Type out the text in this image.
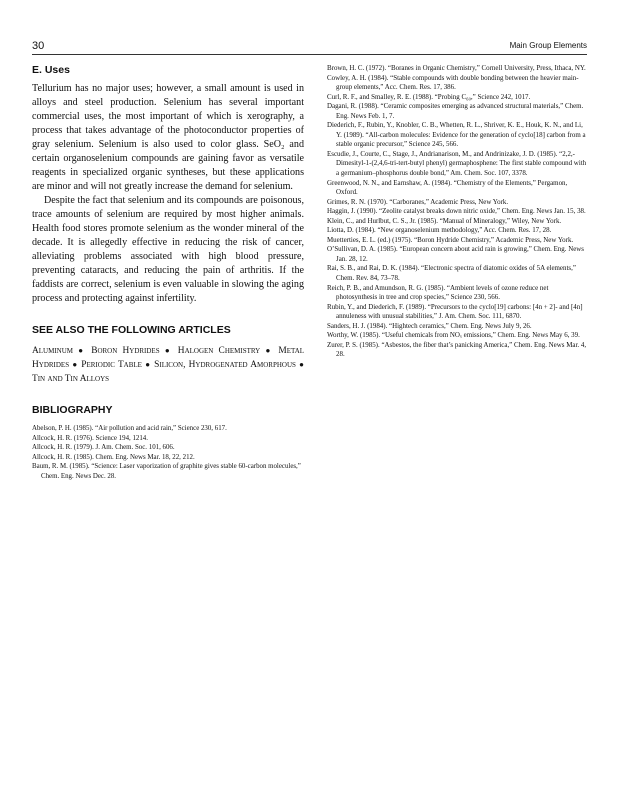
30	Main Group Elements
E. Uses

Tellurium has no major uses; however, a small amount is used in alloys and steel production. Selenium has several important commercial uses, the most important of which is xerography, a process that takes advantage of the photoconductor properties of gray selenium. Selenium is also used to color glass. SeO₂ and certain organoselenium compounds are gaining favor as versatile reagents in specialized organic syntheses, but these applications are minor and will not greatly increase the demand for selenium.

Despite the fact that selenium and its compounds are poisonous, trace amounts of selenium are required by most higher animals. Health food stores promote selenium as the wonder mineral of the decade. It is allegedly effective in reducing the risk of cancer, alleviating problems associated with high blood pressure, preventing cataracts, and reducing the pain of arthritis. If the faddists are correct, selenium is even valuable in slowing the aging process and protecting against infertility.

SEE ALSO THE FOLLOWING ARTICLES

Aluminum ● Boron Hydrides ● Halogen Chemistry ● Metal Hydrides ● Periodic Table ● Silicon, Hydrogenated Amorphous ● Tin and Tin Alloys

BIBLIOGRAPHY
Abelson, P. H. (1985). “Air pollution and acid rain,” Science 230, 617.
Allcock, H. R. (1976). Science 194, 1214.
Allcock, H. R. (1979). J. Am. Chem. Soc. 101, 606.
Allcock, H. R. (1985). Chem. Eng. News Mar. 18, 22, 212.
Baum, R. M. (1985). “Science: Laser vaporization of graphite gives stable 60-carbon molecules,” Chem. Eng. News Dec. 28.
Brown, H. C. (1972). “Boranes in Organic Chemistry,” Cornell University, Press, Ithaca, NY.
Cowley, A. H. (1984). “Stable compounds with double bonding between the heavier main-group elements,” Acc. Chem. Res. 17, 386.
Curl, R. F., and Smalley, R. E. (1988). “Probing C₆₀,” Science 242, 1017.
Dagani, R. (1988). “Ceramic composites emerging as advanced structural materials,” Chem. Eng. News Feb. 1, 7.
Diederich, F., Rubin, Y., Knobler, C. B., Whetten, R. L., Shriver, K. E., Houk, K. N., and Li, Y. (1989). “All-carbon molecules: Evidence for the generation of cyclo[18] carbon from a stable organic precursor,” Science 245, 566.
Escudie, J., Courte, C., Stage, J., Andrianarison, M., and Andrinizake, J. D. (1985). “2,2,-Dimesityl-1-(2,4,6-tri-tert-butyl phenyl) germaphosphene: The first stable compound with a germanium–phosphorus double bond,” Am. Chem. Soc. 107, 3378.
Greenwood, N. N., and Earnshaw, A. (1984). “Chemistry of the Elements,” Pergamon, Oxford.
Grimes, R. N. (1970). “Carboranes,” Academic Press, New York.
Haggin, J. (1990). “Zeolite catalyst breaks down nitric oxide,” Chem. Eng. News Jan. 15, 38.
Klein, C., and Hurlbut, C. S., Jr. (1985). “Manual of Mineralogy,” Wiley, New York.
Liotta, D. (1984). “New organoselenium methodology,” Acc. Chem. Res. 17, 28.
Muetterties, E. L. (ed.) (1975). “Boron Hydride Chemistry,” Academic Press, New York.
O’Sullivan, D. A. (1985). “European concern about acid rain is growing,” Chem. Eng. News Jan. 28, 12.
Rai, S. B., and Rai, D. K. (1984). “Electronic spectra of diatomic oxides of 5A elements,” Chem. Rev. 84, 73–78.
Reich, P. B., and Amundson, R. G. (1985). “Ambient levels of ozone reduce net photosynthesis in tree and crop species,” Science 230, 566.
Rubin, Y., and Diederich, F. (1989). “Precursors to the cyclo[19] carbons: [4n + 2]- and [4n] annuleness with unusual stabilities,” J. Am. Chem. Soc. 111, 6870.
Sanders, H. J. (1984). “Hightech ceramics,” Chem. Eng. News July 9, 26.
Worthy, W. (1985). “Useful chemicals from NOₓ emissions,” Chem. Eng. News May 6, 39.
Zurer, P. S. (1985). “Asbestos, the fiber that’s panicking America,” Chem. Eng. News Mar. 4, 28.
